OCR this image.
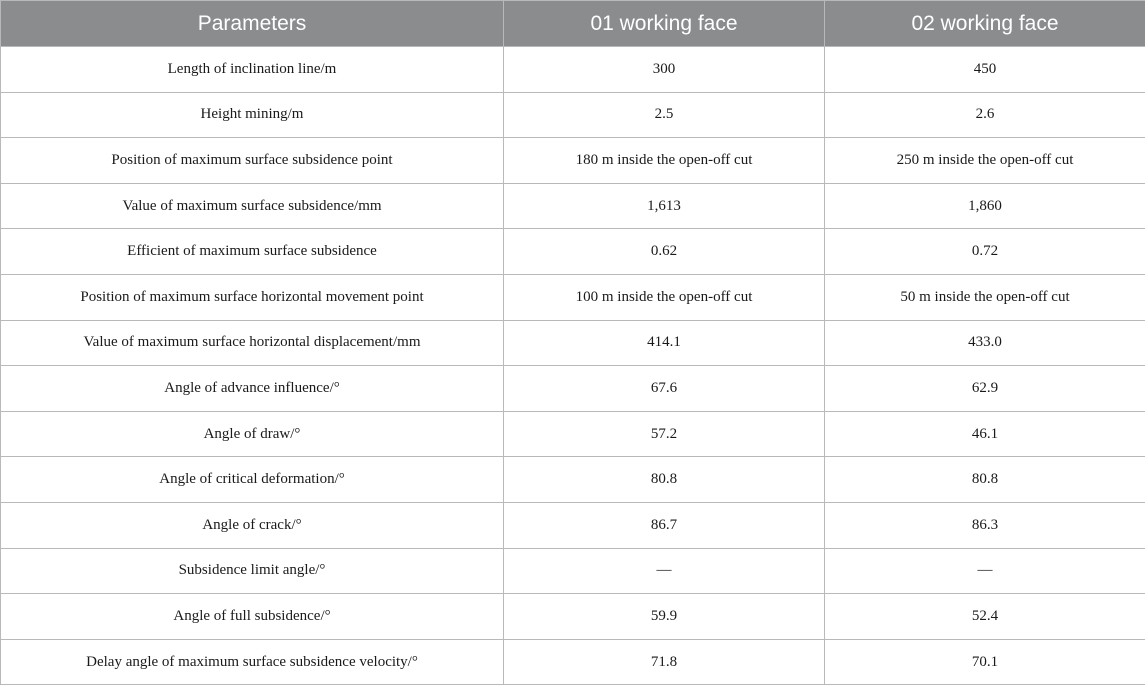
Parameters	01 working face	02 working face
Length of inclination line/m	300	450
Height mining/m	2.5	2.6
Position of maximum surface subsidence point	180 m inside the open-off cut	250 m inside the open-off cut
Value of maximum surface subsidence/mm	1,613	1,860
Efficient of maximum surface subsidence	0.62	0.72
Position of maximum surface horizontal movement point	100 m inside the open-off cut	50 m inside the open-off cut
Value of maximum surface horizontal displacement/mm	414.1	433.0
Angle of advance influence/°	67.6	62.9
Angle of draw/°	57.2	46.1
Angle of critical deformation/°	80.8	80.8
Angle of crack/°	86.7	86.3
Subsidence limit angle/°	—	—
Angle of full subsidence/°	59.9	52.4
Delay angle of maximum surface subsidence velocity/°	71.8	70.1
